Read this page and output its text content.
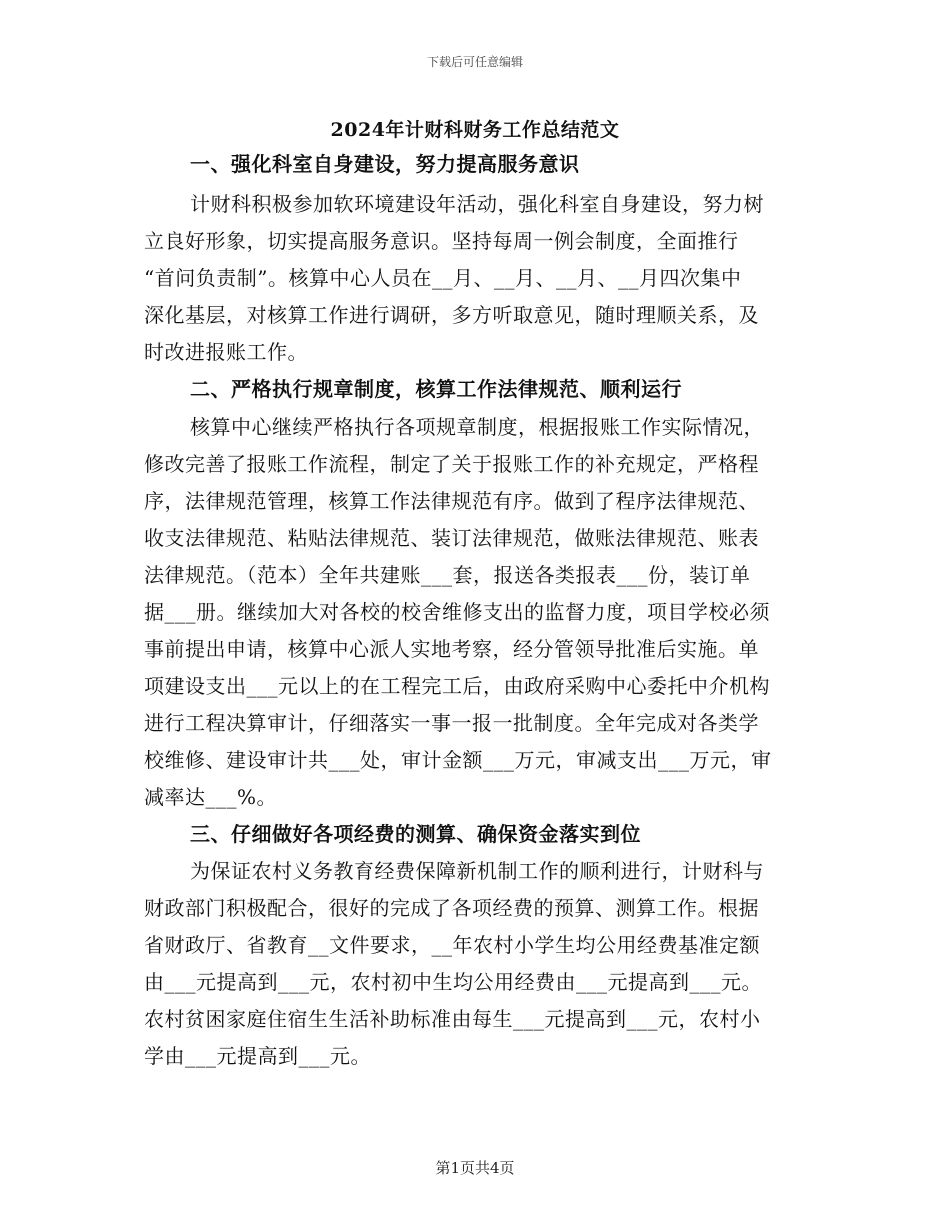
下载后可任意编辑
2024年计财科财务工作总结范文
一、强化科室自身建设，努力提高服务意识
计财科积极参加软环境建设年活动，强化科室自身建设，努力树
立良好形象，切实提高服务意识。坚持每周一例会制度，全面推行
“首问负责制”。核算中心人员在__月、__月、__月、__月四次集中
深化基层，对核算工作进行调研，多方听取意见，随时理顺关系，及
时改进报账工作。
二、严格执行规章制度，核算工作法律规范、顺利运行
核算中心继续严格执行各项规章制度，根据报账工作实际情况，
修改完善了报账工作流程，制定了关于报账工作的补充规定，严格程
序，法律规范管理，核算工作法律规范有序。做到了程序法律规范、
收支法律规范、粘贴法律规范、装订法律规范，做账法律规范、账表
法律规范。（范本）全年共建账___套，报送各类报表___份，装订单
据___册。继续加大对各校的校舍维修支出的监督力度，项目学校必须
事前提出申请，核算中心派人实地考察，经分管领导批准后实施。单
项建设支出___元以上的在工程完工后，由政府采购中心委托中介机构
进行工程决算审计，仔细落实一事一报一批制度。全年完成对各类学
校维修、建设审计共___处，审计金额___万元，审减支出___万元，审
减率达___%。
三、仔细做好各项经费的测算、确保资金落实到位
为保证农村义务教育经费保障新机制工作的顺利进行，计财科与
财政部门积极配合，很好的完成了各项经费的预算、测算工作。根据
省财政厅、省教育__文件要求，__年农村小学生均公用经费基准定额
由___元提高到___元，农村初中生均公用经费由___元提高到___元。
农村贫困家庭住宿生生活补助标准由每生___元提高到___元，农村小
学由___元提高到___元。
第1页共4页
